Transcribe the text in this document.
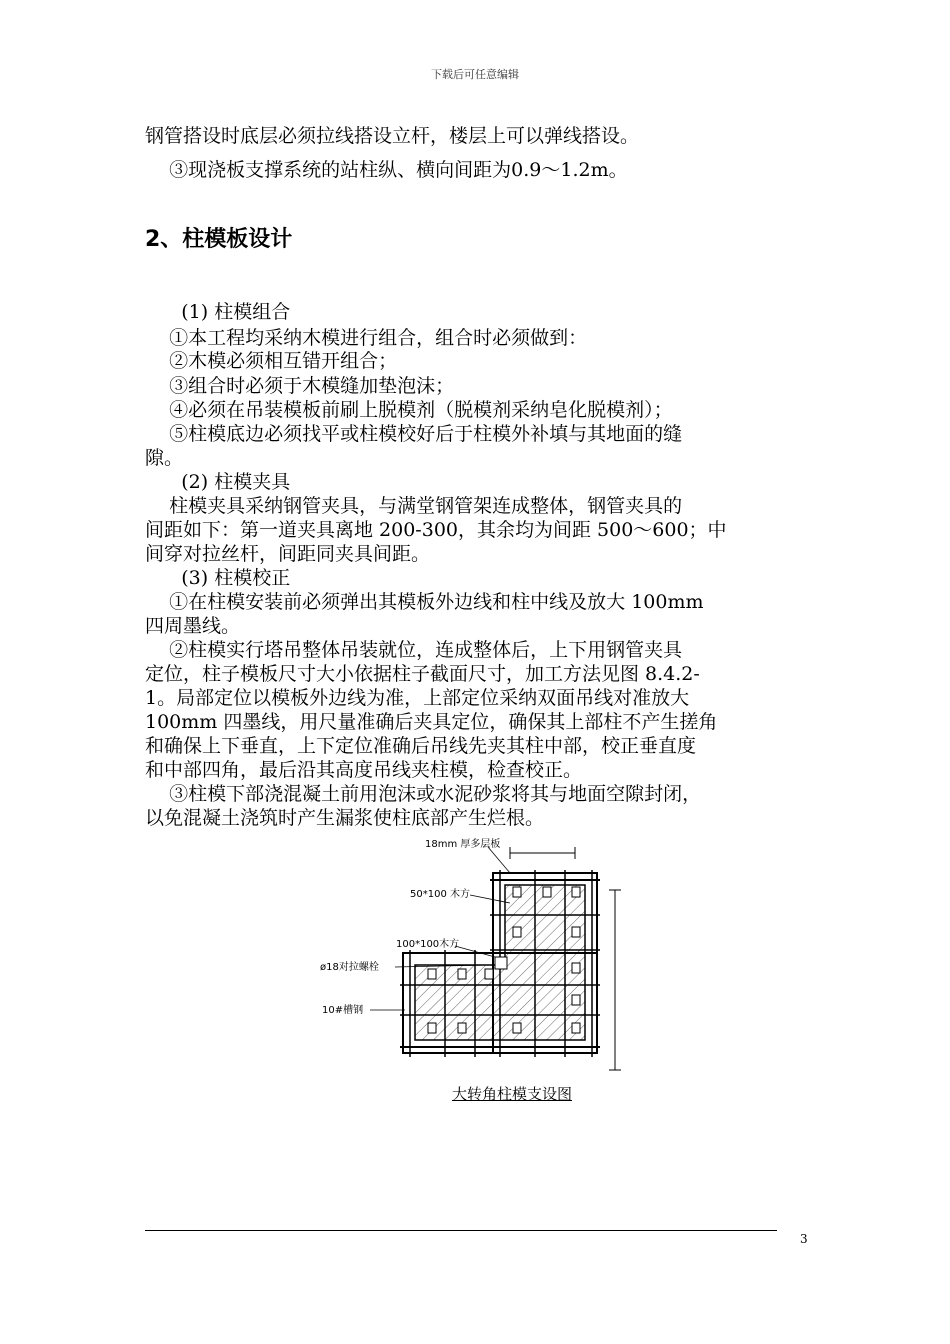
下载后可任意编辑
钢管搭设时底层必须拉线搭设立杆，楼层上可以弹线搭设。
③现浇板支撑系统的站柱纵、横向间距为0.9～1.2m。
2、柱模板设计
(1) 柱模组合
①本工程均采纳木模进行组合，组合时必须做到：
②木模必须相互错开组合；
③组合时必须于木模缝加垫泡沫；
④必须在吊装模板前刷上脱模剂（脱模剂采纳皂化脱模剂）；
⑤柱模底边必须找平或柱模校好后于柱模外补填与其地面的缝
隙。
(2) 柱模夹具
柱模夹具采纳钢管夹具，与满堂钢管架连成整体，钢管夹具的
间距如下：第一道夹具离地 200-300，其余均为间距 500～600；中
间穿对拉丝杆，间距同夹具间距。
(3) 柱模校正
①在柱模安装前必须弹出其模板外边线和柱中线及放大 100mm
四周墨线。
②柱模实行塔吊整体吊装就位，连成整体后，上下用钢管夹具
定位，柱子模板尺寸大小依据柱子截面尺寸，加工方法见图 8.4.2-
1。局部定位以模板外边线为准，上部定位采纳双面吊线对准放大
100mm 四墨线，用尺量准确后夹具定位，确保其上部柱不产生搓角
和确保上下垂直，上下定位准确后吊线先夹其柱中部，校正垂直度
和中部四角，最后沿其高度吊线夹柱模，检查校正。
③柱模下部浇混凝土前用泡沫或水泥砂浆将其与地面空隙封闭，
以免混凝土浇筑时产生漏浆使柱底部产生烂根。
18mm 厚多层板
50*100 木方
100*100木方
ø18对拉螺栓
10#槽钢
大转角柱模支设图
3
